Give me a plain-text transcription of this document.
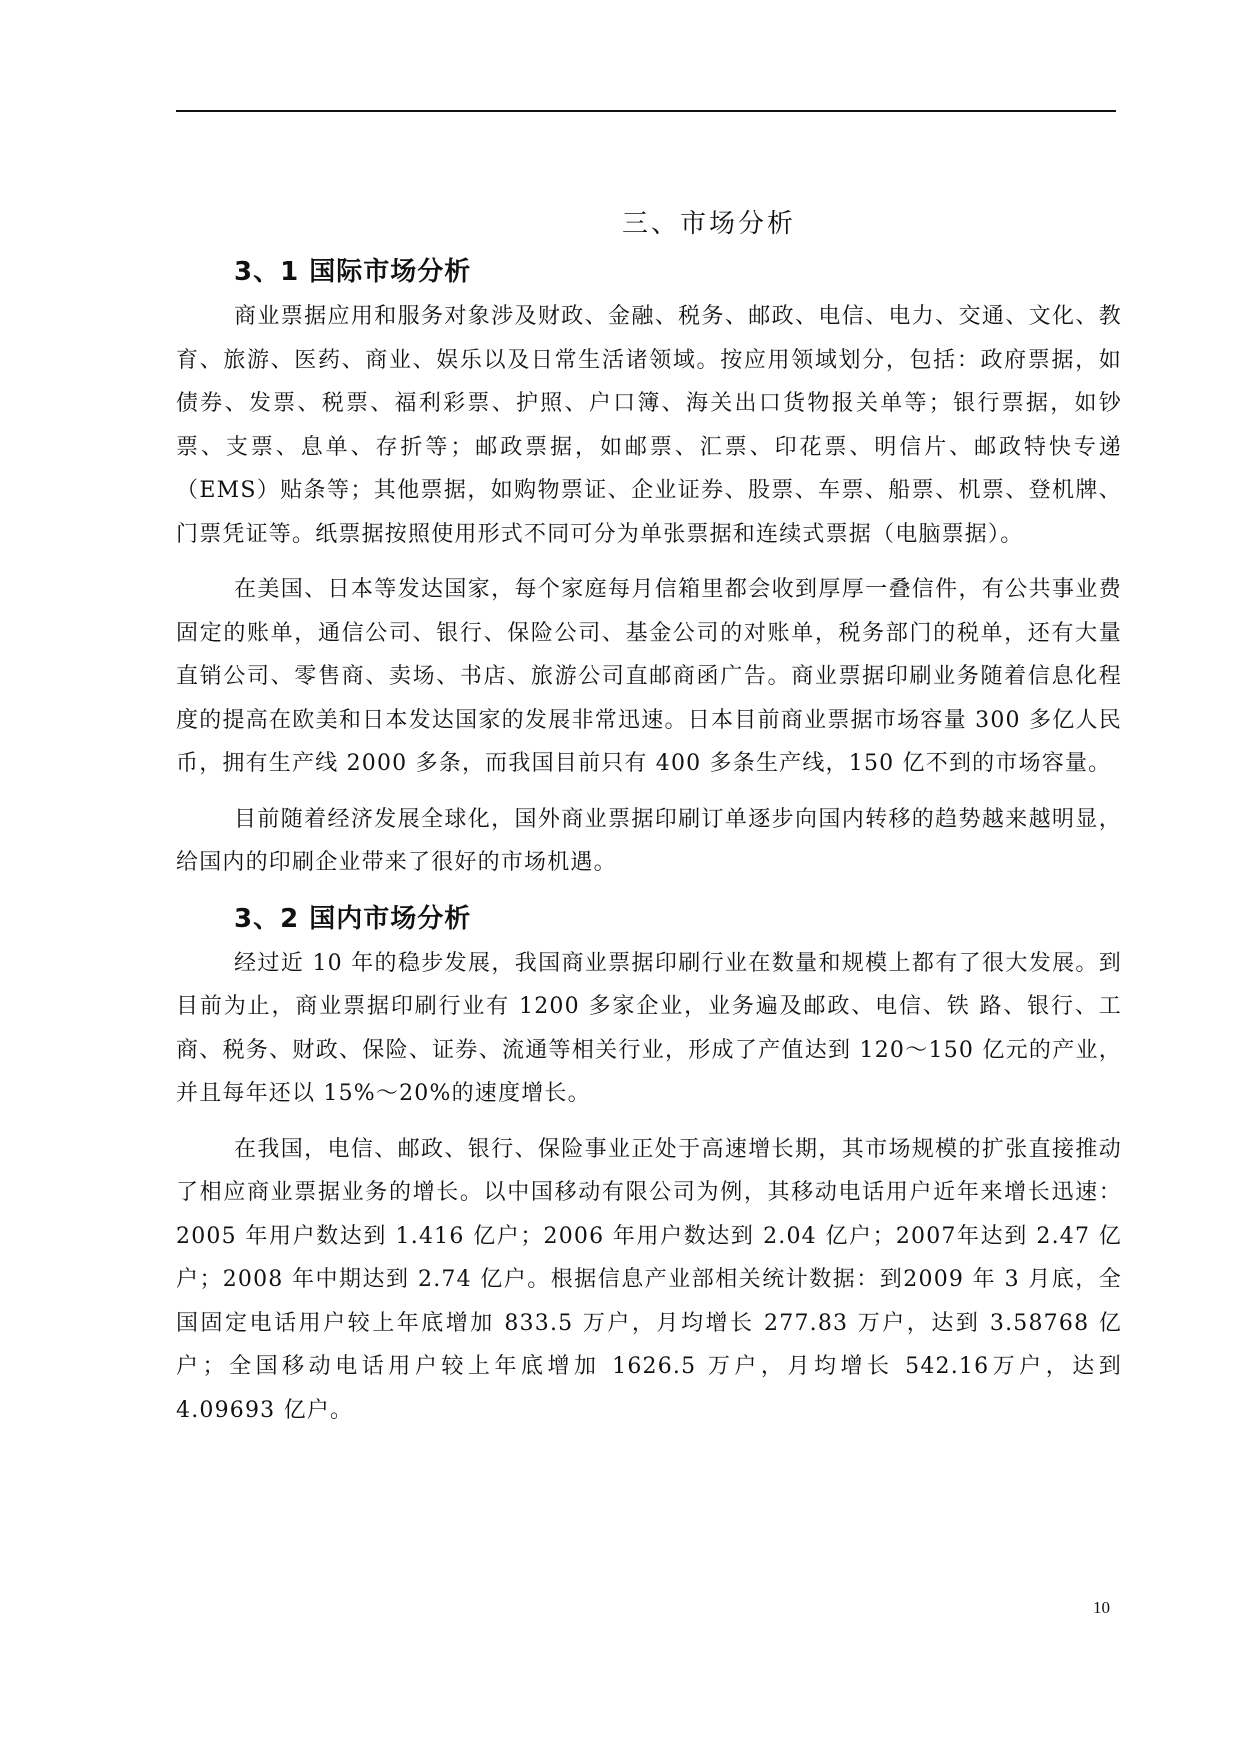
三、市场分析
3、1 国际市场分析

商业票据应用和服务对象涉及财政、金融、税务、邮政、电信、电力、交通、文化、教育、旅游、医药、商业、娱乐以及日常生活诸领域。按应用领域划分，包括：政府票据，如债券、发票、税票、福利彩票、护照、户口簿、海关出口货物报关单等；银行票据，如钞票、支票、息单、存折等；邮政票据，如邮票、汇票、印花票、明信片、邮政特快专递（EMS）贴条等；其他票据，如购物票证、企业证券、股票、车票、船票、机票、登机牌、门票凭证等。纸票据按照使用形式不同可分为单张票据和连续式票据（电脑票据）。

在美国、日本等发达国家，每个家庭每月信箱里都会收到厚厚一叠信件，有公共事业费固定的账单，通信公司、银行、保险公司、基金公司的对账单，税务部门的税单，还有大量直销公司、零售商、卖场、书店、旅游公司直邮商函广告。商业票据印刷业务随着信息化程度的提高在欧美和日本发达国家的发展非常迅速。日本目前商业票据市场容量 300 多亿人民币，拥有生产线 2000 多条，而我国目前只有 400 多条生产线，150 亿不到的市场容量。

目前随着经济发展全球化，国外商业票据印刷订单逐步向国内转移的趋势越来越明显，给国内的印刷企业带来了很好的市场机遇。

3、2 国内市场分析

经过近 10 年的稳步发展，我国商业票据印刷行业在数量和规模上都有了很大发展。到目前为止，商业票据印刷行业有 1200 多家企业，业务遍及邮政、电信、铁 路、银行、工商、税务、财政、保险、证券、流通等相关行业，形成了产值达到 120～150 亿元的产业，并且每年还以 15%～20%的速度增长。

在我国，电信、邮政、银行、保险事业正处于高速增长期，其市场规模的扩张直接推动了相应商业票据业务的增长。以中国移动有限公司为例，其移动电话用户近年来增长迅速：2005 年用户数达到 1.416 亿户；2006 年用户数达到 2.04 亿户；2007年达到 2.47 亿户；2008 年中期达到 2.74 亿户。根据信息产业部相关统计数据：到2009 年 3 月底，全国固定电话用户较上年底增加 833.5 万户，月均增长 277.83 万户，达到 3.58768 亿户；全国移动电话用户较上年底增加 1626.5 万户，月均增长 542.16万户，达到 4.09693 亿户。

10
